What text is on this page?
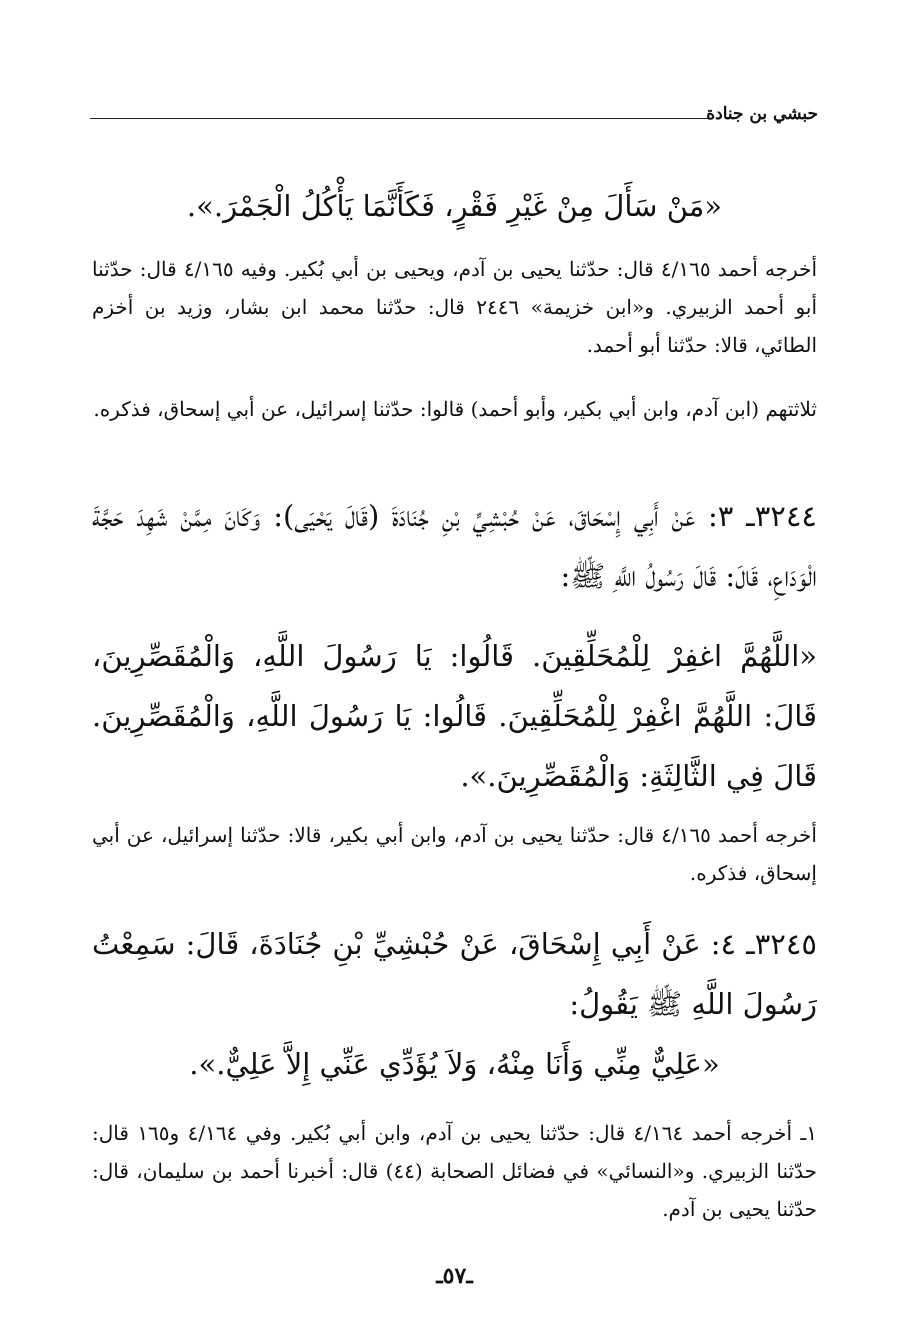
حبشي بن جنادة

«مَنْ سَأَلَ مِنْ غَيْرِ فَقْرٍ، فَكَأَنَّمَا يَأْكُلُ الْجَمْرَ.».

أخرجه أحمد ٤/١٦٥ قال: حدّثنا يحيى بن آدم، ويحيى بن أبي بُكير. وفيه ٤/١٦٥ قال: حدّثنا أبو أحمد الزبيري. و«ابن خزيمة» ٢٤٤٦ قال: حدّثنا محمد ابن بشار، وزيد بن أخزم الطائي، قالا: حدّثنا أبو أحمد.

ثلاثتهم (ابن آدم، وابن أبي بكير، وأبو أحمد) قالوا: حدّثنا إسرائيل، عن أبي إسحاق، فذكره.

٣٢٤٤ـ ٣: عَنْ أَبِي إِسْحَاقَ، عَنْ حُبْشِيِّ بْنِ جُنَادَةَ (قَالَ يَحْيَى): وَكَانَ مِمَّنْ شَهِدَ حَجَّةَ الْوَدَاعِ، قَالَ: قَالَ رَسُولُ اللَّهِ ﷺ:

«اللَّهُمَّ اغفِرْ لِلْمُحَلِّقِينَ. قَالُوا: يَا رَسُولَ اللَّهِ، وَالْمُقَصِّرِينَ، قَالَ: اللَّهُمَّ اغْفِرْ لِلْمُحَلِّقِينَ. قَالُوا: يَا رَسُولَ اللَّهِ، وَالْمُقَصِّرِينَ. قَالَ فِي الثَّالِثَةِ: وَالْمُقَصِّرِينَ.».

أخرجه أحمد ٤/١٦٥ قال: حدّثنا يحيى بن آدم، وابن أبي بكير، قالا: حدّثنا إسرائيل، عن أبي إسحاق، فذكره.

٣٢٤٥ـ ٤: عَنْ أَبِي إِسْحَاقَ، عَنْ حُبْشِيِّ بْنِ جُنَادَةَ، قَالَ: سَمِعْتُ رَسُولَ اللَّهِ ﷺ يَقُولُ:

«عَلِيٌّ مِنِّي وَأَنَا مِنْهُ، وَلاَ يُؤَدِّي عَنِّي إِلاَّ عَلِيٌّ.».

١ـ أخرجه أحمد ٤/١٦٤ قال: حدّثنا يحيى بن آدم، وابن أبي بُكير. وفي ٤/١٦٤ و١٦٥ قال: حدّثنا الزبيري. و«النسائي» في فضائل الصحابة (٤٤) قال: أخبرنا أحمد بن سليمان، قال: حدّثنا يحيى بن آدم.

ـ٥٧ـ
